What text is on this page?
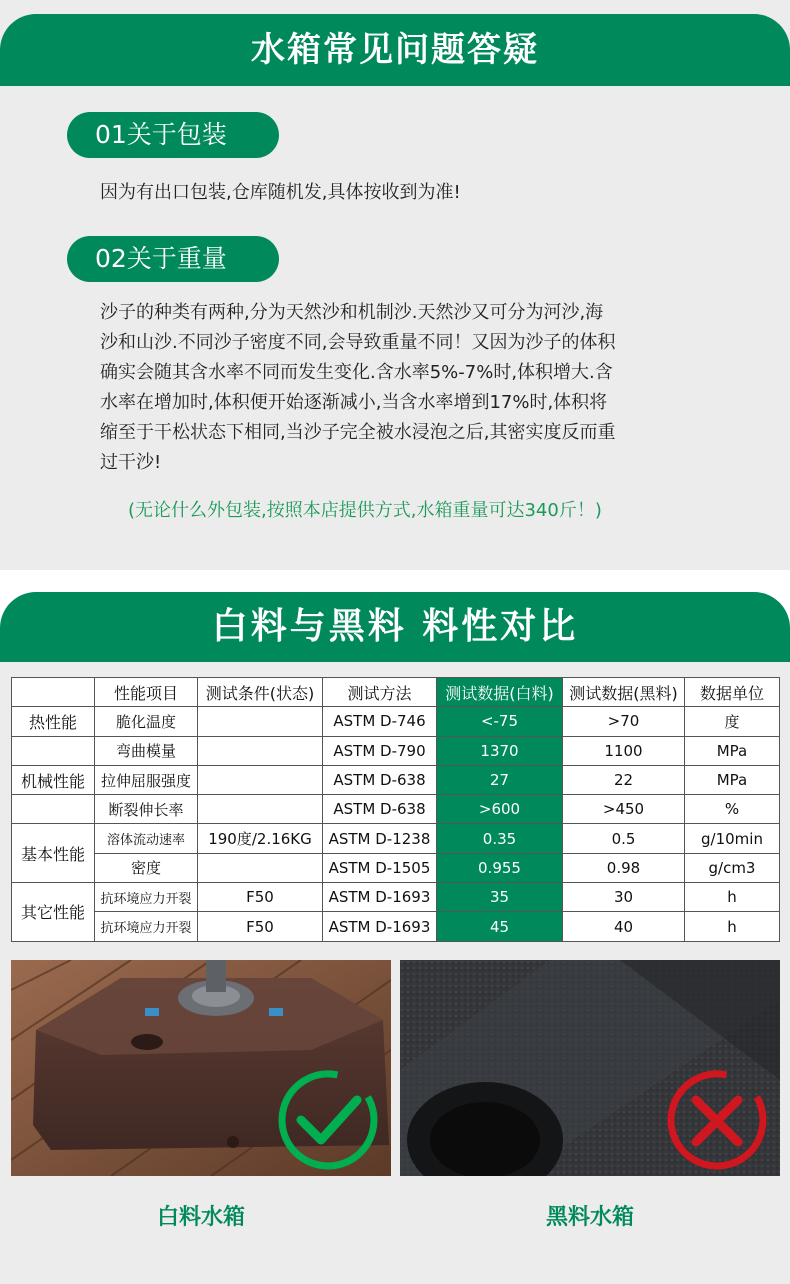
水箱常见问题答疑
01关于包装
因为有出口包装,仓库随机发,具体按收到为准!
02关于重量
沙子的种类有两种,分为天然沙和机制沙.天然沙又可分为河沙,海
沙和山沙.不同沙子密度不同,会导致重量不同！又因为沙子的体积
确实会随其含水率不同而发生变化.含水率5%-7%时,体积增大.含
水率在增加时,体积便开始逐渐减小,当含水率增到17%时,体积将
缩至于干松状态下相同,当沙子完全被水浸泡之后,其密实度反而重
过干沙!
(无论什么外包装,按照本店提供方式,水箱重量可达340斤！)
白料与黑料 料性对比
	性能项目	测试条件(状态)	测试方法	测试数据(白料)	测试数据(黑料)	数据单位
热性能	脆化温度		ASTM D-746	<-75	>70	度
	弯曲模量		ASTM D-790	1370	1100	MPa
机械性能	拉伸屈服强度		ASTM D-638	27	22	MPa
	断裂伸长率		ASTM D-638	>600	>450	%
基本性能	溶体流动速率	190度/2.16KG	ASTM D-1238	0.35	0.5	g/10min
	密度		ASTM D-1505	0.955	0.98	g/cm3
其它性能	抗环境应力开裂	F50	ASTM D-1693	35	30	h
	抗环境应力开裂	F50	ASTM D-1693	45	40	h
白料水箱	黑料水箱
